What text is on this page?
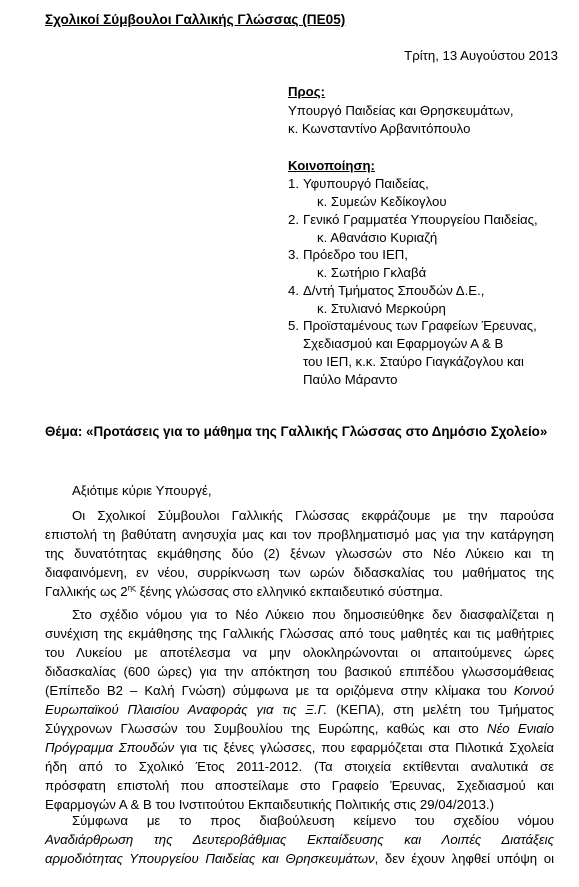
Σχολικοί Σύμβουλοι Γαλλικής Γλώσσας (ΠΕ05)
Τρίτη, 13 Αυγούστου 2013
Προς:
Υπουργό Παιδείας και Θρησκευμάτων,
κ. Κωνσταντίνο Αρβανιτόπουλο
Κοινοποίηση:
1. Υφυπουργό Παιδείας,
κ. Συμεών Κεδίκογλου
2. Γενικό Γραμματέα Υπουργείου Παιδείας,
κ. Αθανάσιο Κυριαζή
3. Πρόεδρο του ΙΕΠ,
κ. Σωτήριο Γκλαβά
4. Δ/ντή Τμήματος Σπουδών Δ.Ε.,
κ. Στυλιανό Μερκούρη
5. Προϊσταμένους των Γραφείων Έρευνας,
Σχεδιασμού και Εφαρμογών Α & Β
του ΙΕΠ, κ.κ. Σταύρο Γιαγκάζογλου και
Παύλο Μάραντο
Θέμα: «Προτάσεις για το μάθημα της Γαλλικής Γλώσσας στο Δημόσιο Σχολείο»
Αξιότιμε κύριε Υπουργέ,
Οι Σχολικοί Σύμβουλοι Γαλλικής Γλώσσας εκφράζουμε με την παρούσα
επιστολή τη βαθύτατη ανησυχία μας και τον προβληματισμό μας για την κατάργηση
της δυνατότητας εκμάθησης δύο (2) ξένων γλωσσών στο Νέο Λύκειο και τη
διαφαινόμενη, εν νέου, συρρίκνωση των ωρών διδασκαλίας του μαθήματος της
Γαλλικής ως $2^{\eta\varsigma}$ ξένης γλώσσας στο ελληνικό εκπαιδευτικό σύστημα.
Στο σχέδιο νόμου για το Νέο Λύκειο που δημοσιεύθηκε δεν διασφαλίζεται η
συνέχιση της εκμάθησης της Γαλλικής Γλώσσας από τους μαθητές και τις μαθήτριες
του Λυκείου με αποτέλεσμα να μην ολοκληρώνονται οι απαιτούμενες ώρες
διδασκαλίας (600 ώρες) για την απόκτηση του βασικού επιπέδου γλωσσομάθειας
(Επίπεδο Β2 – Καλή Γνώση) σύμφωνα με τα οριζόμενα στην κλίμακα του Κοινού
Ευρωπαϊκού Πλαισίου Αναφοράς για τις Ξ.Γ. (ΚΕΠΑ), στη μελέτη του Τμήματος
Σύγχρονων Γλωσσών του Συμβουλίου της Ευρώπης, καθώς και στο Νέο Ενιαίο
Πρόγραμμα Σπουδών για τις ξένες γλώσσες, που εφαρμόζεται στα Πιλοτικά Σχολεία
ήδη από το Σχολικό Έτος 2011-2012. (Τα στοιχεία εκτίθενται αναλυτικά σε
πρόσφατη επιστολή που αποστείλαμε στο Γραφείο Έρευνας, Σχεδιασμού και
Εφαρμογών Α & Β του Ινστιτούτου Εκπαιδευτικής Πολιτικής στις 29/04/2013.)
Σύμφωνα με το προς διαβούλευση κείμενο του σχεδίου νόμου
Αναδιάρθρωση της Δευτεροβάθμιας Εκπαίδευσης και Λοιπές Διατάξεις
αρμοδιότητας Υπουργείου Παιδείας και Θρησκευμάτων, δεν έχουν ληφθεί υπόψη οι
